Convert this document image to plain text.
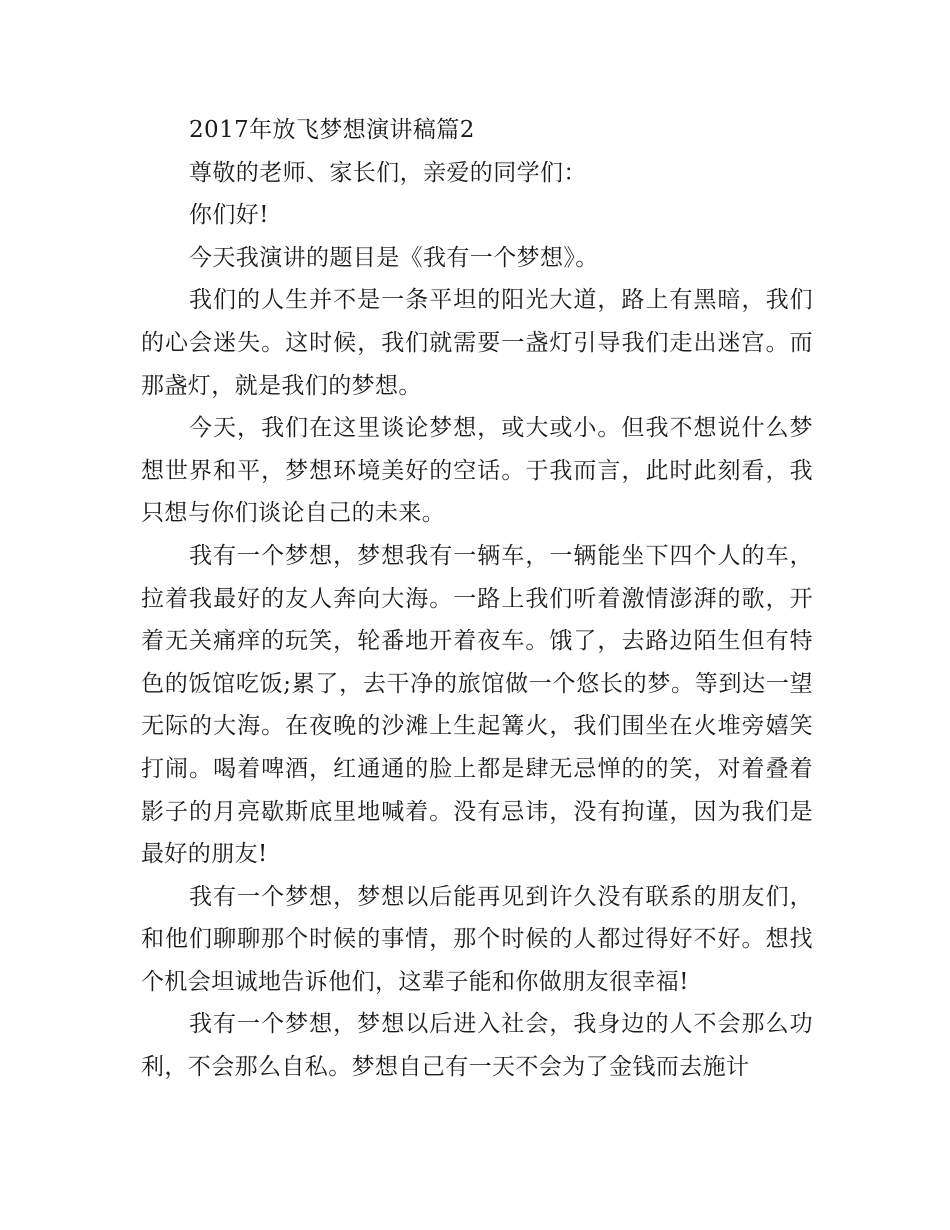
2017年放飞梦想演讲稿篇2

尊敬的老师、家长们，亲爱的同学们：

你们好!

今天我演讲的题目是《我有一个梦想》。

我们的人生并不是一条平坦的阳光大道，路上有黑暗，我们的心会迷失。这时候，我们就需要一盏灯引导我们走出迷宫。而那盏灯，就是我们的梦想。

今天，我们在这里谈论梦想，或大或小。但我不想说什么梦想世界和平，梦想环境美好的空话。于我而言，此时此刻看，我只想与你们谈论自己的未来。

我有一个梦想，梦想我有一辆车，一辆能坐下四个人的车，拉着我最好的友人奔向大海。一路上我们听着激情澎湃的歌，开着无关痛痒的玩笑，轮番地开着夜车。饿了，去路边陌生但有特色的饭馆吃饭;累了，去干净的旅馆做一个悠长的梦。等到达一望无际的大海。在夜晚的沙滩上生起篝火，我们围坐在火堆旁嬉笑打闹。喝着啤酒，红通通的脸上都是肆无忌惮的的笑，对着叠着影子的月亮歇斯底里地喊着。没有忌讳，没有拘谨，因为我们是最好的朋友!

我有一个梦想，梦想以后能再见到许久没有联系的朋友们，和他们聊聊那个时候的事情，那个时候的人都过得好不好。想找个机会坦诚地告诉他们，这辈子能和你做朋友很幸福!

我有一个梦想，梦想以后进入社会，我身边的人不会那么功利，不会那么自私。梦想自己有一天不会为了金钱而去施计
